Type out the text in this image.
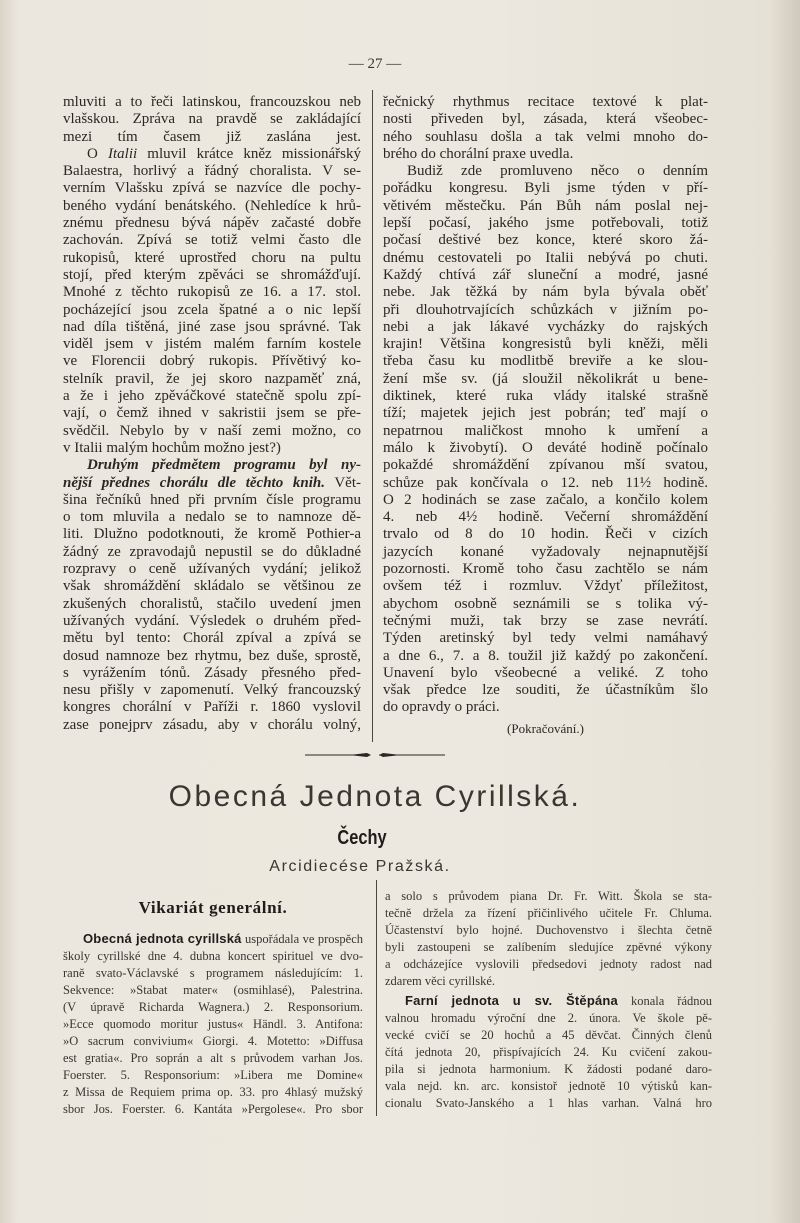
— 27 —
mluviti a to řeči latinskou, francouzskou neb
vlašskou. Zpráva na pravdě se zakládající
mezi tím časem již zaslána jest.
O Italii mluvil krátce kněz missionářský
Balaestra, horlivý a řádný choralista. V se-
verním Vlašsku zpívá se nazvíce dle pochy-
beného vydání benátského. (Nehledíce k hrů-
znému přednesu bývá nápěv začasté dobře
zachován. Zpívá se totiž velmi často dle
rukopisů, které uprostřed choru na pultu
stojí, před kterým zpěváci se shromážďují.
Mnohé z těchto rukopisů ze 16. a 17. stol.
pocházející jsou zcela špatné a o nic lepší
nad díla tištěná, jiné zase jsou správné. Tak
viděl jsem v jistém malém farním kostele
ve Florencii dobrý rukopis. Přívětivý ko-
stelník pravil, že jej skoro nazpaměť zná,
a že i jeho zpěváčkové statečně spolu zpí-
vají, o čemž ihned v sakristii jsem se pře-
svědčil. Nebylo by v naší zemi možno, co
v Italii malým hochům možno jest?)
Druhým předmětem programu byl ny-
nější přednes chorálu dle těchto knih. Vět-
šina řečníků hned při prvním čísle programu
o tom mluvila a nedalo se to namnoze dě-
liti. Dlužno podotknouti, že kromě Pothier-a
žádný ze zpravodajů nepustil se do důkladné
rozpravy o ceně užívaných vydání; jelikož
však shromáždění skládalo se většinou ze
zkušených choralistů, stačilo uvedení jmen
užívaných vydání. Výsledek o druhém před-
mětu byl tento: Chorál zpíval a zpívá se
dosud namnoze bez rhytmu, bez duše, sprostě,
s vyrážením tónů. Zásady přesného před-
nesu přišly v zapomenutí. Velký francouzský
kongres chorální v Paříži r. 1860 vyslovil
zase ponejprv zásadu, aby v chorálu volný,
řečnický rhythmus recitace textové k plat-
nosti přiveden byl, zásada, která všeobec-
ného souhlasu došla a tak velmi mnoho do-
brého do chorální praxe uvedla.
Budiž zde promluveno něco o denním
pořádku kongresu. Byli jsme týden v pří-
větivém městečku. Pán Bůh nám poslal nej-
lepší počasí, jakého jsme potřebovali, totiž
počasí deštivé bez konce, které skoro žá-
dnému cestovateli po Italii nebývá po chuti.
Každý chtívá zář sluneční a modré, jasné
nebe. Jak těžká by nám byla bývala oběť
při dlouhotrvajících schůzkách v jižním po-
nebi a jak lákavé vycházky do rajských
krajin! Většina kongresistů byli kněži, měli
třeba času ku modlitbě breviře a ke slou-
žení mše sv. (já sloužil několikrát u bene-
diktinek, které ruka vlády italské strašně
tíží; majetek jejich jest pobrán; teď mají o
nepatrnou maličkost mnoho k umření a
málo k živobytí). O deváté hodině počínalo
pokaždé shromáždění zpívanou mší svatou,
schůze pak končívala o 12. neb 11½ hodině.
O 2 hodinách se zase začalo, a končilo kolem
4. neb 4½ hodině. Večerní shromáždění
trvalo od 8 do 10 hodin. Řeči v cizích
jazycích konané vyžadovaly nejnapnutější
pozornosti. Kromě toho času zachtělo se nám
ovšem též i rozmluv. Vždyť příležitost,
abychom osobně seznámili se s tolika vý-
tečnými muži, tak brzy se zase nevrátí.
Týden aretinský byl tedy velmi namáhavý
a dne 6., 7. a 8. toužil již každý po zakončení.
Unavení bylo všeobecné a veliké. Z toho
však předce lze souditi, že účastníkům šlo
do opravdy o práci.
(Pokračování.)
Obecná Jednota Cyrillská.
Čechy
Arcidiecése Pražská.
Vikariát generální.
Obecná jednota cyrillská uspořádala ve prospěch
školy cyrillské dne 4. dubna koncert spirituel ve dvo-
raně svato-Václavské s programem následujícím: 1.
Sekvence: »Stabat mater« (osmihlasé), Palestrina.
(V úpravě Richarda Wagnera.) 2. Responsorium.
»Ecce quomodo moritur justus« Händl. 3. Antifona:
»O sacrum convivium« Giorgi. 4. Motetto: »Diffusa
est gratia«. Pro soprán a alt s průvodem varhan Jos.
Foerster. 5. Responsorium: »Libera me Domine«
z Missa de Requiem prima op. 33. pro 4hlasý mužský
sbor Jos. Foerster. 6. Kantáta »Pergolese«. Pro sbor
a solo s průvodem piana Dr. Fr. Witt. Škola se sta-
tečně držela za řízení přičinlivého učitele Fr. Chluma.
Účastenství bylo hojné. Duchovenstvo i šlechta četně
byli zastoupeni se zalíbením sledujíce zpěvné výkony
a odcházejíce vyslovili předsedovi jednoty radost nad
zdarem věci cyrillské.
Farní jednota u sv. Štěpána konala řádnou
valnou hromadu výroční dne 2. února. Ve škole pě-
vecké cvičí se 20 hochů a 45 děvčat. Činných členů
čítá jednota 20, přispívajících 24. Ku cvičení zakou-
pila si jednota harmonium. K žádosti podané daro-
vala nejd. kn. arc. konsistoř jednotě 10 výtisků kan-
cionalu Svato-Janského a 1 hlas varhan. Valná hro
